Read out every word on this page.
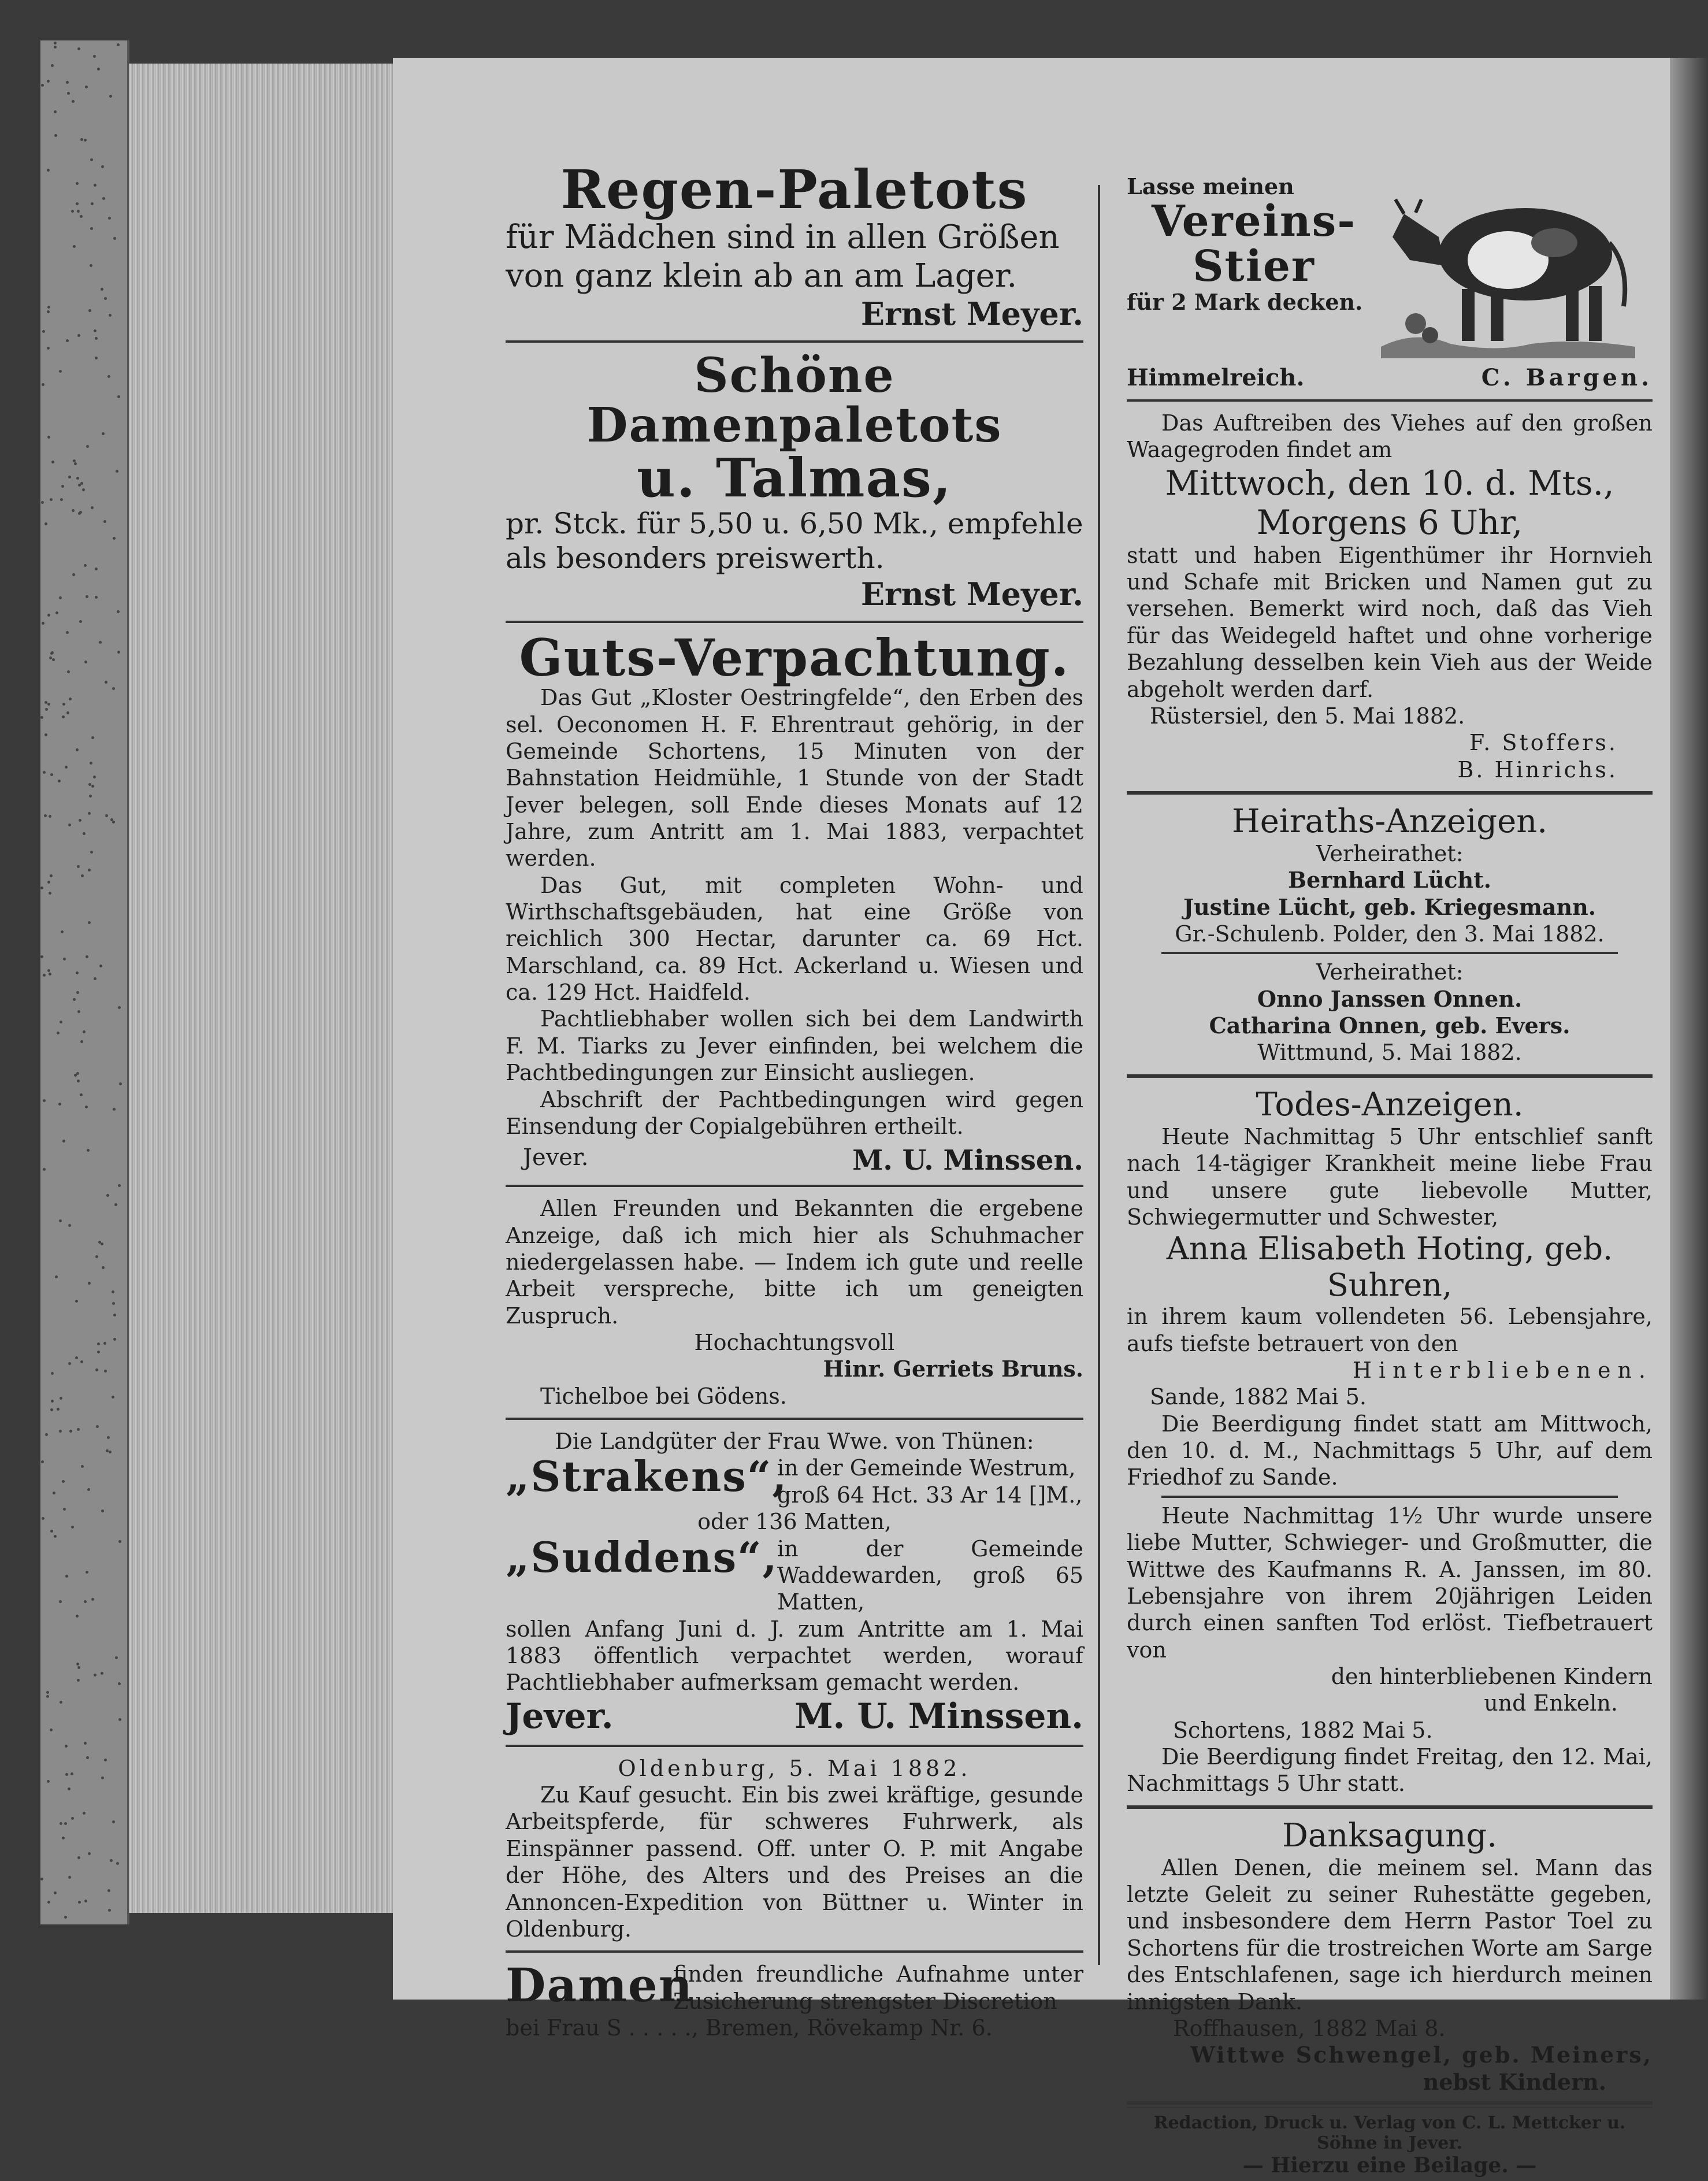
Regen-Paletots
für Mädchen sind in allen Größen
von ganz klein ab an am Lager.
Ernst Meyer.
Schöne Damenpaletots
u. Talmas,
pr. Stck. für 5,50 u. 6,50 Mk., empfehle
als besonders preiswerth.
Ernst Meyer.
Guts-Verpachtung.
Das Gut „Kloster Oestringfelde“, den Erben des sel. Oeconomen H. F. Ehrentraut gehörig, in der Gemeinde Schortens, 15 Minuten von der Bahnstation Heidmühle, 1 Stunde von der Stadt Jever belegen, soll Ende dieses Monats auf 12 Jahre, zum Antritt am 1. Mai 1883, verpachtet werden.
Das Gut, mit completen Wohn- und Wirthschaftsgebäuden, hat eine Größe von reichlich 300 Hectar, darunter ca. 69 Hct. Marschland, ca. 89 Hct. Ackerland u. Wiesen und ca. 129 Hct. Haidfeld.
Pachtliebhaber wollen sich bei dem Landwirth F. M. Tiarks zu Jever einfinden, bei welchem die Pachtbedingungen zur Einsicht ausliegen.
Abschrift der Pachtbedingungen wird gegen Einsendung der Copialgebühren ertheilt.
Jever.	M. U. Minssen.
Allen Freunden und Bekannten die ergebene Anzeige, daß ich mich hier als Schuhmacher niedergelassen habe. — Indem ich gute und reelle Arbeit verspreche, bitte ich um geneigten Zuspruch.
Hochachtungsvoll
Hinr. Gerriets Bruns.
Tichelboe bei Gödens.
Die Landgüter der Frau Wwe. von Thünen:
„Strakens“,
in der Gemeinde Westrum,
groß 64 Hct. 33 Ar 14 []M.,
oder 136 Matten,
„Suddens“,
in der Gemeinde Waddewarden, groß 65 Matten,
sollen Anfang Juni d. J. zum Antritte am 1. Mai 1883 öffentlich verpachtet werden, worauf Pachtliebhaber aufmerksam gemacht werden.
Jever.	M. U. Minssen.
Oldenburg, 5. Mai 1882.
Zu Kauf gesucht. Ein bis zwei kräftige, gesunde Arbeitspferde, für schweres Fuhrwerk, als Einspänner passend. Off. unter O. P. mit Angabe der Höhe, des Alters und des Preises an die Annoncen-Expedition von Büttner u. Winter in Oldenburg.
Damen
finden freundliche Aufnahme unter Zusicherung strengster Discretion
bei Frau S . . . . ., Bremen, Rövekamp Nr. 6.
Lasse meinen
Vereins-
Stier
für 2 Mark decken.
Himmelreich.	C. Bargen.
Das Auftreiben des Viehes auf den großen Waagegroden findet am
Mittwoch, den 10. d. Mts.,
Morgens 6 Uhr,
statt und haben Eigenthümer ihr Hornvieh und Schafe mit Bricken und Namen gut zu versehen. Bemerkt wird noch, daß das Vieh für das Weidegeld haftet und ohne vorherige Bezahlung desselben kein Vieh aus der Weide abgeholt werden darf.
Rüstersiel, den 5. Mai 1882.
F. Stoffers.
B. Hinrichs.
Heiraths-Anzeigen.
Verheirathet:
Bernhard Lücht.
Justine Lücht, geb. Kriegesmann.
Gr.-Schulenb. Polder, den 3. Mai 1882.
Verheirathet:
Onno Janssen Onnen.
Catharina Onnen, geb. Evers.
Wittmund, 5. Mai 1882.
Todes-Anzeigen.
Heute Nachmittag 5 Uhr entschlief sanft nach 14-tägiger Krankheit meine liebe Frau und unsere gute liebevolle Mutter, Schwiegermutter und Schwester,
Anna Elisabeth Hoting, geb. Suhren,
in ihrem kaum vollendeten 56. Lebensjahre, aufs tiefste betrauert von den
Hinterbliebenen.
Sande, 1882 Mai 5.
Die Beerdigung findet statt am Mittwoch, den 10. d. M., Nachmittags 5 Uhr, auf dem Friedhof zu Sande.
Heute Nachmittag 1½ Uhr wurde unsere liebe Mutter, Schwieger- und Großmutter, die Wittwe des Kaufmanns R. A. Janssen, im 80. Lebensjahre von ihrem 20jährigen Leiden durch einen sanften Tod erlöst. Tiefbetrauert von
den hinterbliebenen Kindern
und Enkeln.
Schortens, 1882 Mai 5.
Die Beerdigung findet Freitag, den 12. Mai, Nachmittags 5 Uhr statt.
Danksagung.
Allen Denen, die meinem sel. Mann das letzte Geleit zu seiner Ruhestätte gegeben, und insbesondere dem Herrn Pastor Toel zu Schortens für die trostreichen Worte am Sarge des Entschlafenen, sage ich hierdurch meinen innigsten Dank.
Roffhausen, 1882 Mai 8.
Wittwe Schwengel, geb. Meiners,
nebst Kindern.
Redaction, Druck u. Verlag von C. L. Mettcker u. Söhne in Jever.
— Hierzu eine Beilage. —
